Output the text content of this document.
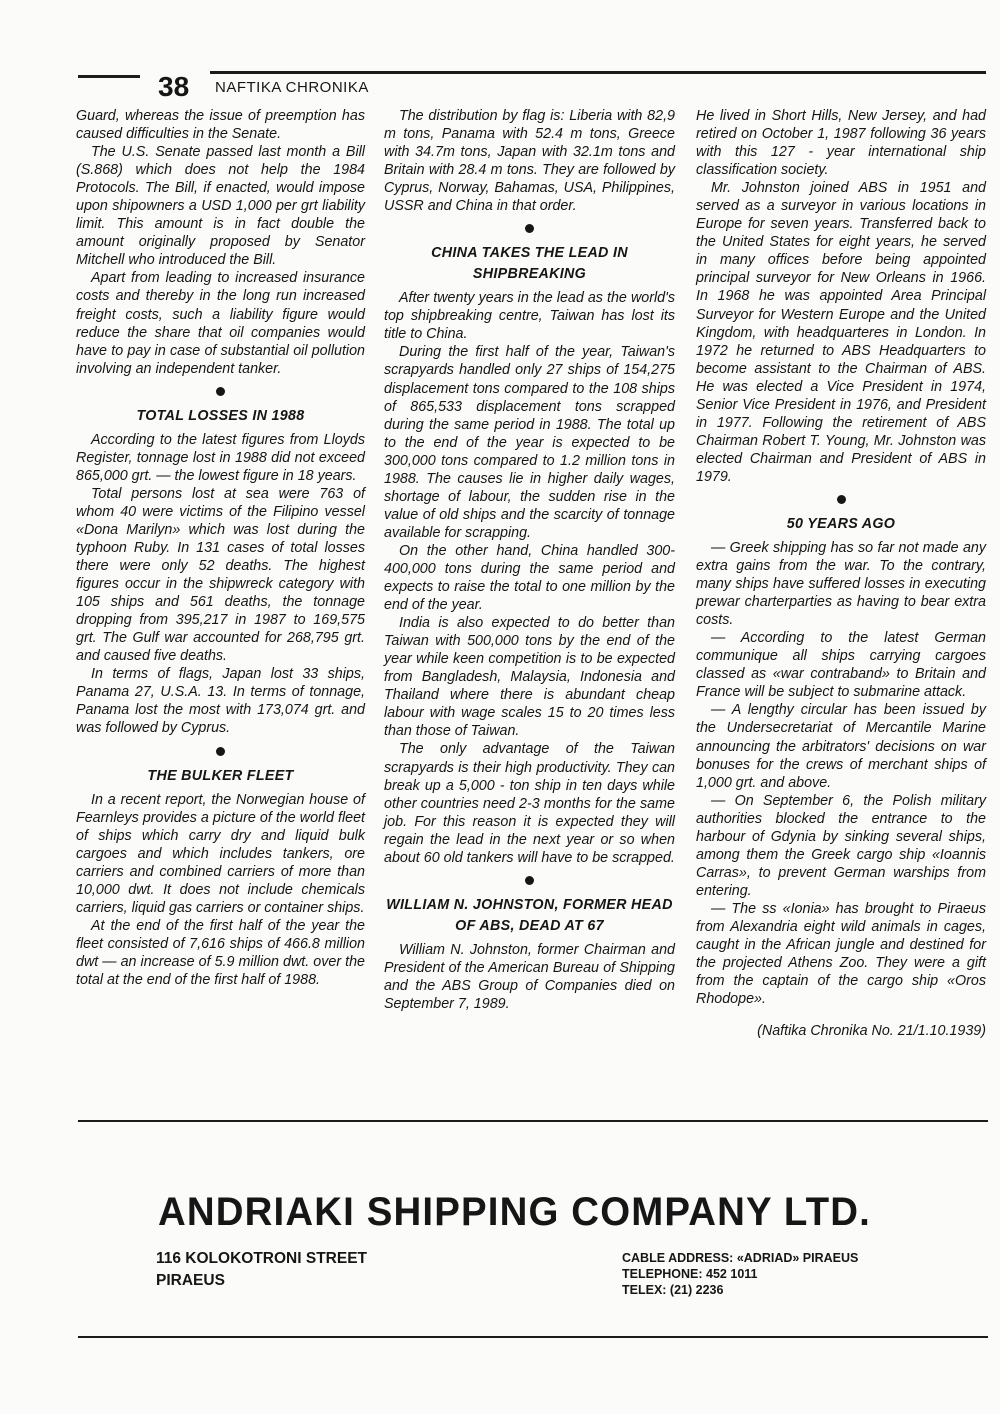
38 NAFTIKA CHRONIKA

Guard, whereas the issue of preemption has caused difficulties in the Senate.

The U.S. Senate passed last month a Bill (S.868) which does not help the 1984 Protocols. The Bill, if enacted, would impose upon shipowners a USD 1,000 per grt liability limit. This amount is in fact double the amount originally proposed by Senator Mitchell who introduced the Bill.

Apart from leading to increased insurance costs and thereby in the long run increased freight costs, such a liability figure would reduce the share that oil companies would have to pay in case of substantial oil pollution involving an independent tanker.

TOTAL LOSSES IN 1988

According to the latest figures from Lloyds Register, tonnage lost in 1988 did not exceed 865,000 grt. — the lowest figure in 18 years.

Total persons lost at sea were 763 of whom 40 were victims of the Filipino vessel «Dona Marilyn» which was lost during the typhoon Ruby. In 131 cases of total losses there were only 52 deaths. The highest figures occur in the shipwreck category with 105 ships and 561 deaths, the tonnage dropping from 395,217 in 1987 to 169,575 grt. The Gulf war accounted for 268,795 grt. and caused five deaths.

In terms of flags, Japan lost 33 ships, Panama 27, U.S.A. 13. In terms of tonnage, Panama lost the most with 173,074 grt. and was followed by Cyprus.

THE BULKER FLEET

In a recent report, the Norwegian house of Fearnleys provides a picture of the world fleet of ships which carry dry and liquid bulk cargoes and which includes tankers, ore carriers and combined carriers of more than 10,000 dwt. It does not include chemicals carriers, liquid gas carriers or container ships.

At the end of the first half of the year the fleet consisted of 7,616 ships of 466.8 million dwt — an increase of 5.9 million dwt. over the total at the end of the first half of 1988.

The distribution by flag is: Liberia with 82,9 m tons, Panama with 52.4 m tons, Greece with 34.7m tons, Japan with 32.1m tons and Britain with 28.4 m tons. They are followed by Cyprus, Norway, Bahamas, USA, Philippines, USSR and China in that order.

CHINA TAKES THE LEAD IN SHIPBREAKING

After twenty years in the lead as the world's top shipbreaking centre, Taiwan has lost its title to China.

During the first half of the year, Taiwan's scrapyards handled only 27 ships of 154,275 displacement tons compared to the 108 ships of 865,533 displacement tons scrapped during the same period in 1988. The total up to the end of the year is expected to be 300,000 tons compared to 1.2 million tons in 1988. The causes lie in higher daily wages, shortage of labour, the sudden rise in the value of old ships and the scarcity of tonnage available for scrapping.

On the other hand, China handled 300-400,000 tons during the same period and expects to raise the total to one million by the end of the year.

India is also expected to do better than Taiwan with 500,000 tons by the end of the year while keen competition is to be expected from Bangladesh, Malaysia, Indonesia and Thailand where there is abundant cheap labour with wage scales 15 to 20 times less than those of Taiwan.

The only advantage of the Taiwan scrapyards is their high productivity. They can break up a 5,000 - ton ship in ten days while other countries need 2-3 months for the same job. For this reason it is expected they will regain the lead in the next year or so when about 60 old tankers will have to be scrapped.

WILLIAM N. JOHNSTON, FORMER HEAD OF ABS, DEAD AT 67

William N. Johnston, former Chairman and President of the American Bureau of Shipping and the ABS Group of Companies died on September 7, 1989.

He lived in Short Hills, New Jersey, and had retired on October 1, 1987 following 36 years with this 127 - year international ship classification society.

Mr. Johnston joined ABS in 1951 and served as a surveyor in various locations in Europe for seven years. Transferred back to the United States for eight years, he served in many offices before being appointed principal surveyor for New Orleans in 1966. In 1968 he was appointed Area Principal Surveyor for Western Europe and the United Kingdom, with headquarteres in London. In 1972 he returned to ABS Headquarters to become assistant to the Chairman of ABS. He was elected a Vice President in 1974, Senior Vice President in 1976, and President in 1977. Following the retirement of ABS Chairman Robert T. Young, Mr. Johnston was elected Chairman and President of ABS in 1979.

50 YEARS AGO

— Greek shipping has so far not made any extra gains from the war. To the contrary, many ships have suffered losses in executing prewar charterparties as having to bear extra costs.

— According to the latest German communique all ships carrying cargoes classed as «war contraband» to Britain and France will be subject to submarine attack.

— A lengthy circular has been issued by the Undersecretariat of Mercantile Marine announcing the arbitrators' decisions on war bonuses for the crews of merchant ships of 1,000 grt. and above.

— On September 6, the Polish military authorities blocked the entrance to the harbour of Gdynia by sinking several ships, among them the Greek cargo ship «Ioannis Carras», to prevent German warships from entering.

— The ss «Ionia» has brought to Piraeus from Alexandria eight wild animals in cages, caught in the African jungle and destined for the projected Athens Zoo. They were a gift from the captain of the cargo ship «Oros Rhodope».

(Naftika Chronika No. 21/1.10.1939)
ANDRIAKI SHIPPING COMPANY LTD.
116 KOLOKOTRONI STREET
PIRAEUS
CABLE ADDRESS: «ADRIAD» PIRAEUS
TELEPHONE: 452 1011
TELEX: (21) 2236
